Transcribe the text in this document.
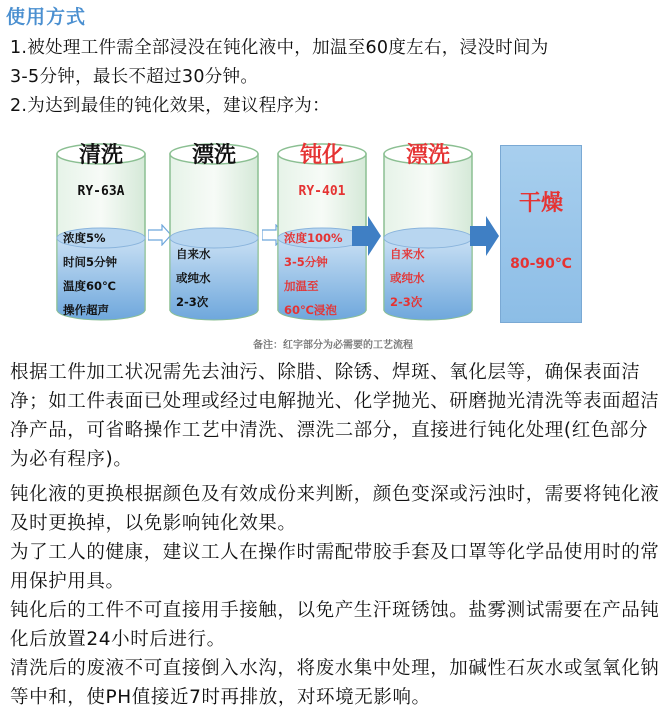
使用方式
1.被处理工件需全部浸没在钝化液中，加温至60度左右，浸没时间为
3-5分钟，最长不超过30分钟。
2.为达到最佳的钝化效果，建议程序为：
清洗
RY-63A
浓度5%
时间5分钟
温度60℃
操作超声
漂洗
自来水
或纯水
2-3次
钝化
RY-401
浓度100%
3-5分钟
加温至
60℃浸泡
漂洗
自来水
或纯水
2-3次
干燥
80-90℃
备注：红字部分为必需要的工艺流程
根据工件加工状况需先去油污、除腊、除锈、焊斑、氧化层等，确保表面洁净；如工件表面已处理或经过电解抛光、化学抛光、研磨抛光清洗等表面超洁净产品，可省略操作工艺中清洗、漂洗二部分，直接进行钝化处理(红色部分为必有程序)。
钝化液的更换根据颜色及有效成份来判断，颜色变深或污浊时，需要将钝化液及时更换掉，以免影响钝化效果。
为了工人的健康，建议工人在操作时需配带胶手套及口罩等化学品使用时的常用保护用具。
钝化后的工件不可直接用手接触，以免产生汗斑锈蚀。盐雾测试需要在产品钝化后放置24小时后进行。
清洗后的废液不可直接倒入水沟，将废水集中处理，加碱性石灰水或氢氧化钠等中和，使PH值接近7时再排放，对环境无影响。
